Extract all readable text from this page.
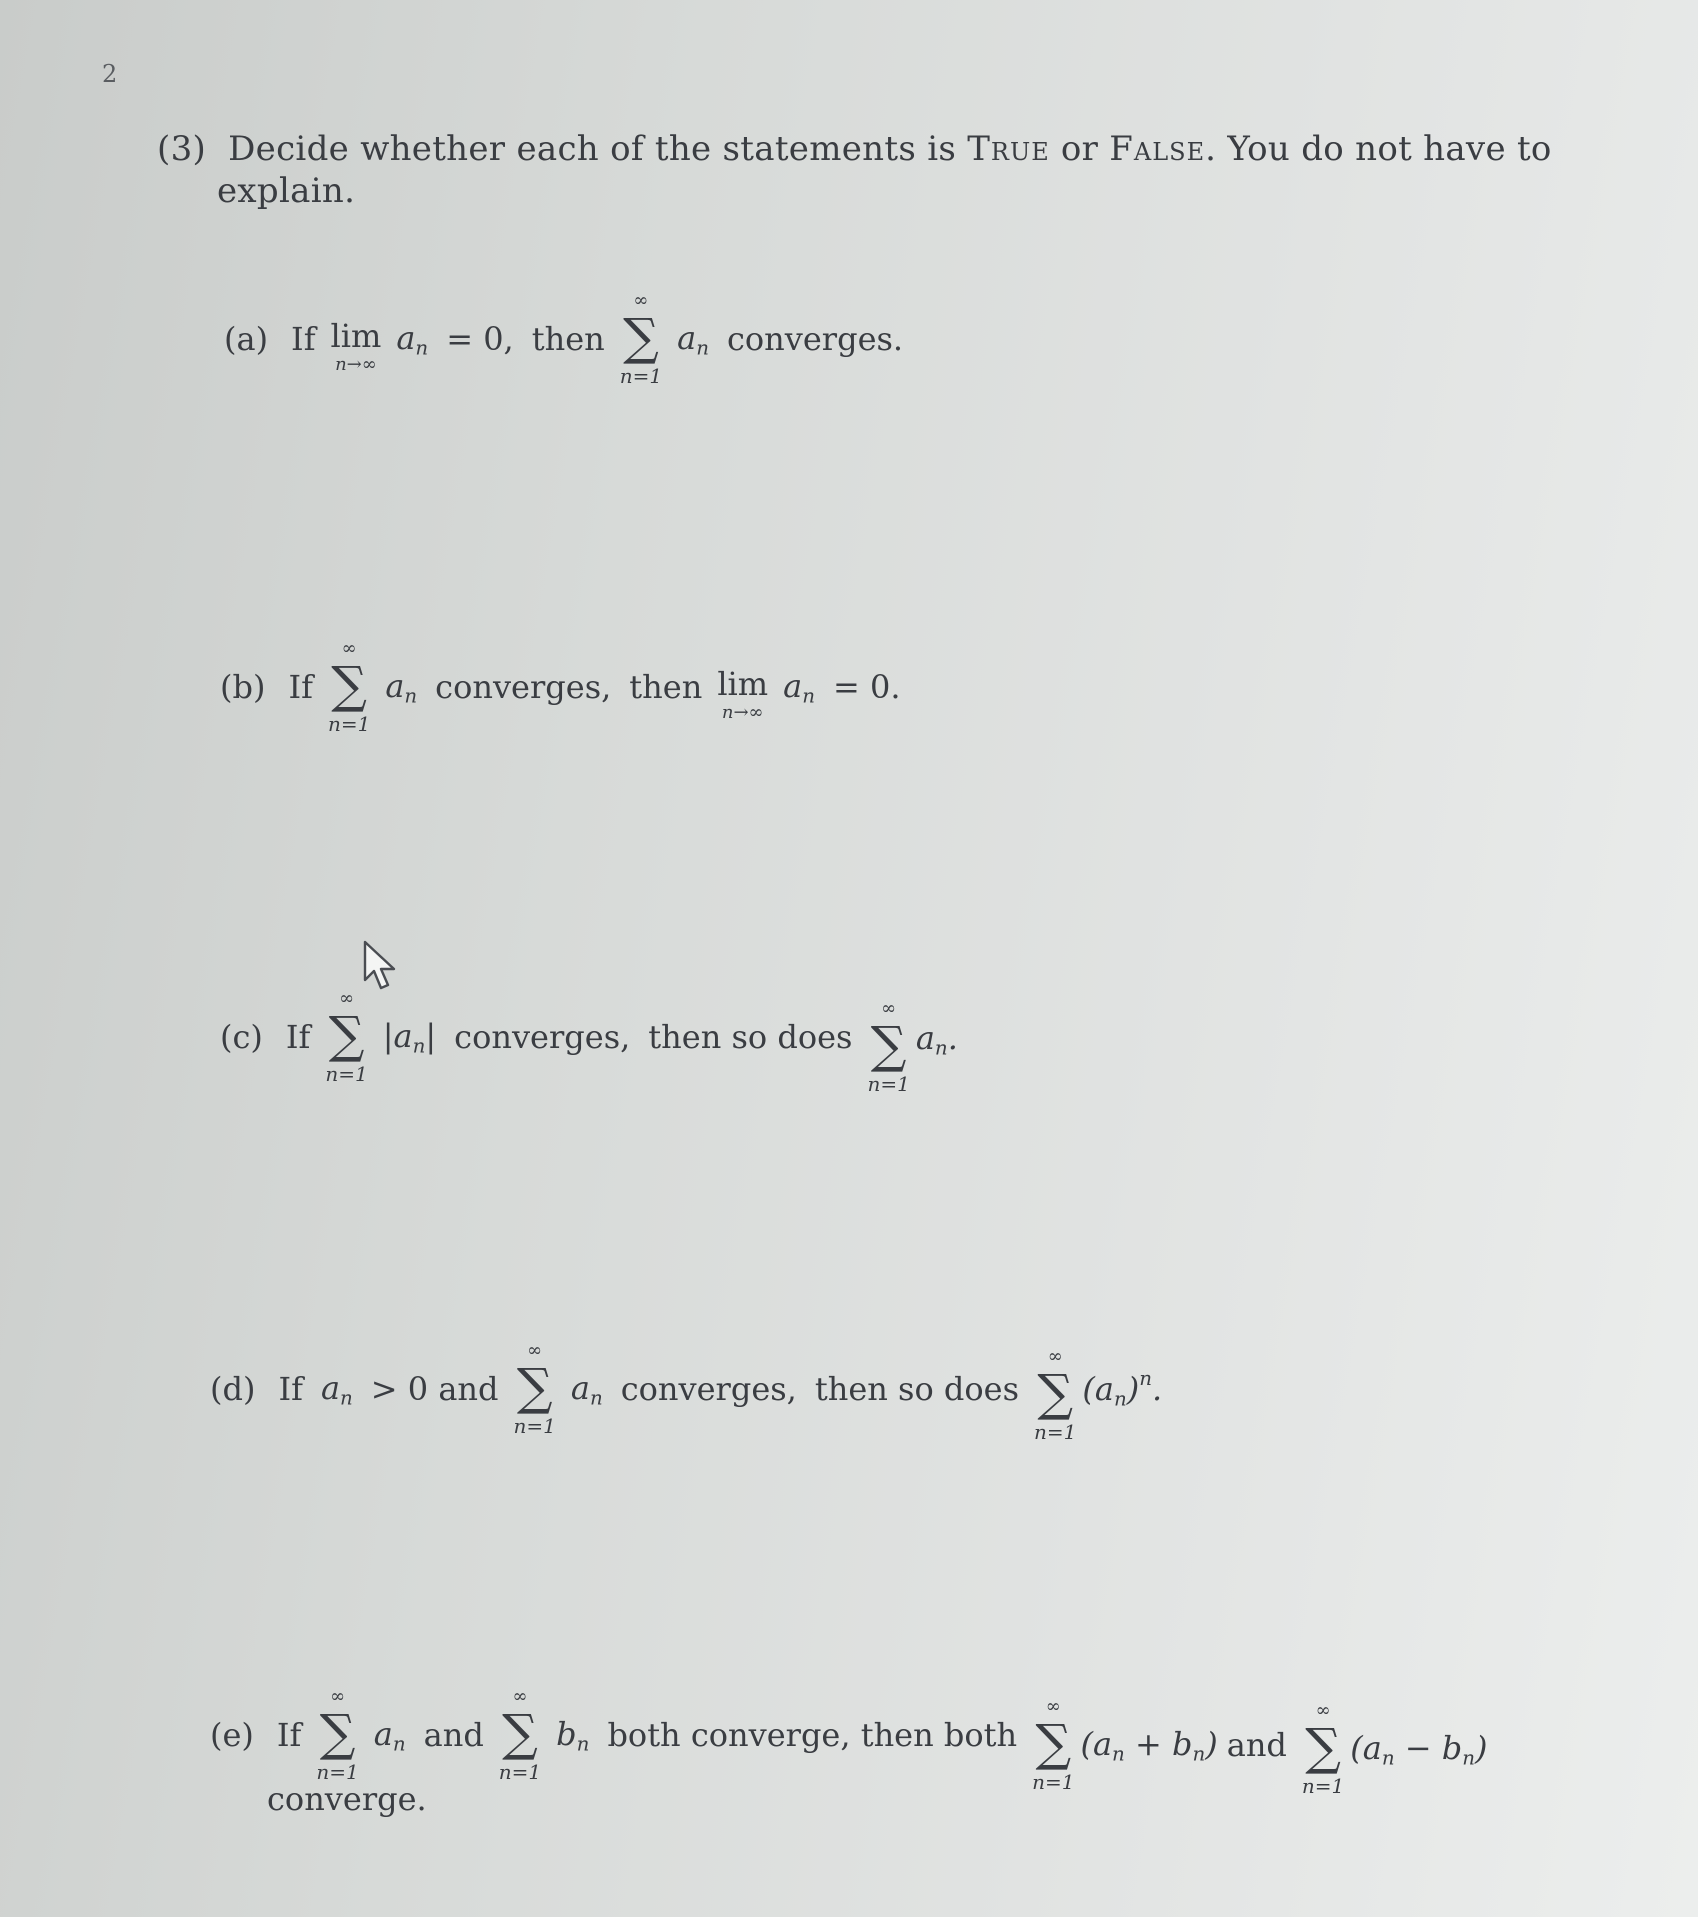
2
(3) Decide whether each of the statements is True or False. You do not have to
explain.
(a) If lim
n→∞
$a_n = 0$, then
∞
∑
n=1
$a_n$ converges.
(b) If
∞
∑
n=1
$a_n$ converges, then lim
n→∞
$a_n = 0$.
(c) If
∞
∑
n=1
$|a_n|$ converges, then so does
∞
∑
n=1
$a_n$.
(d) If $a_n > 0$ and
∞
∑
n=1
$a_n$ converges, then so does
∞
∑
n=1
$(a_n)^n$.
(e) If
∞
∑
n=1
$a_n$ and
∞
∑
n=1
$b_n$ both converge, then both
∞
∑
n=1
$(a_n + b_n)$ and
∞
∑
n=1
$(a_n - b_n)$
converge.
